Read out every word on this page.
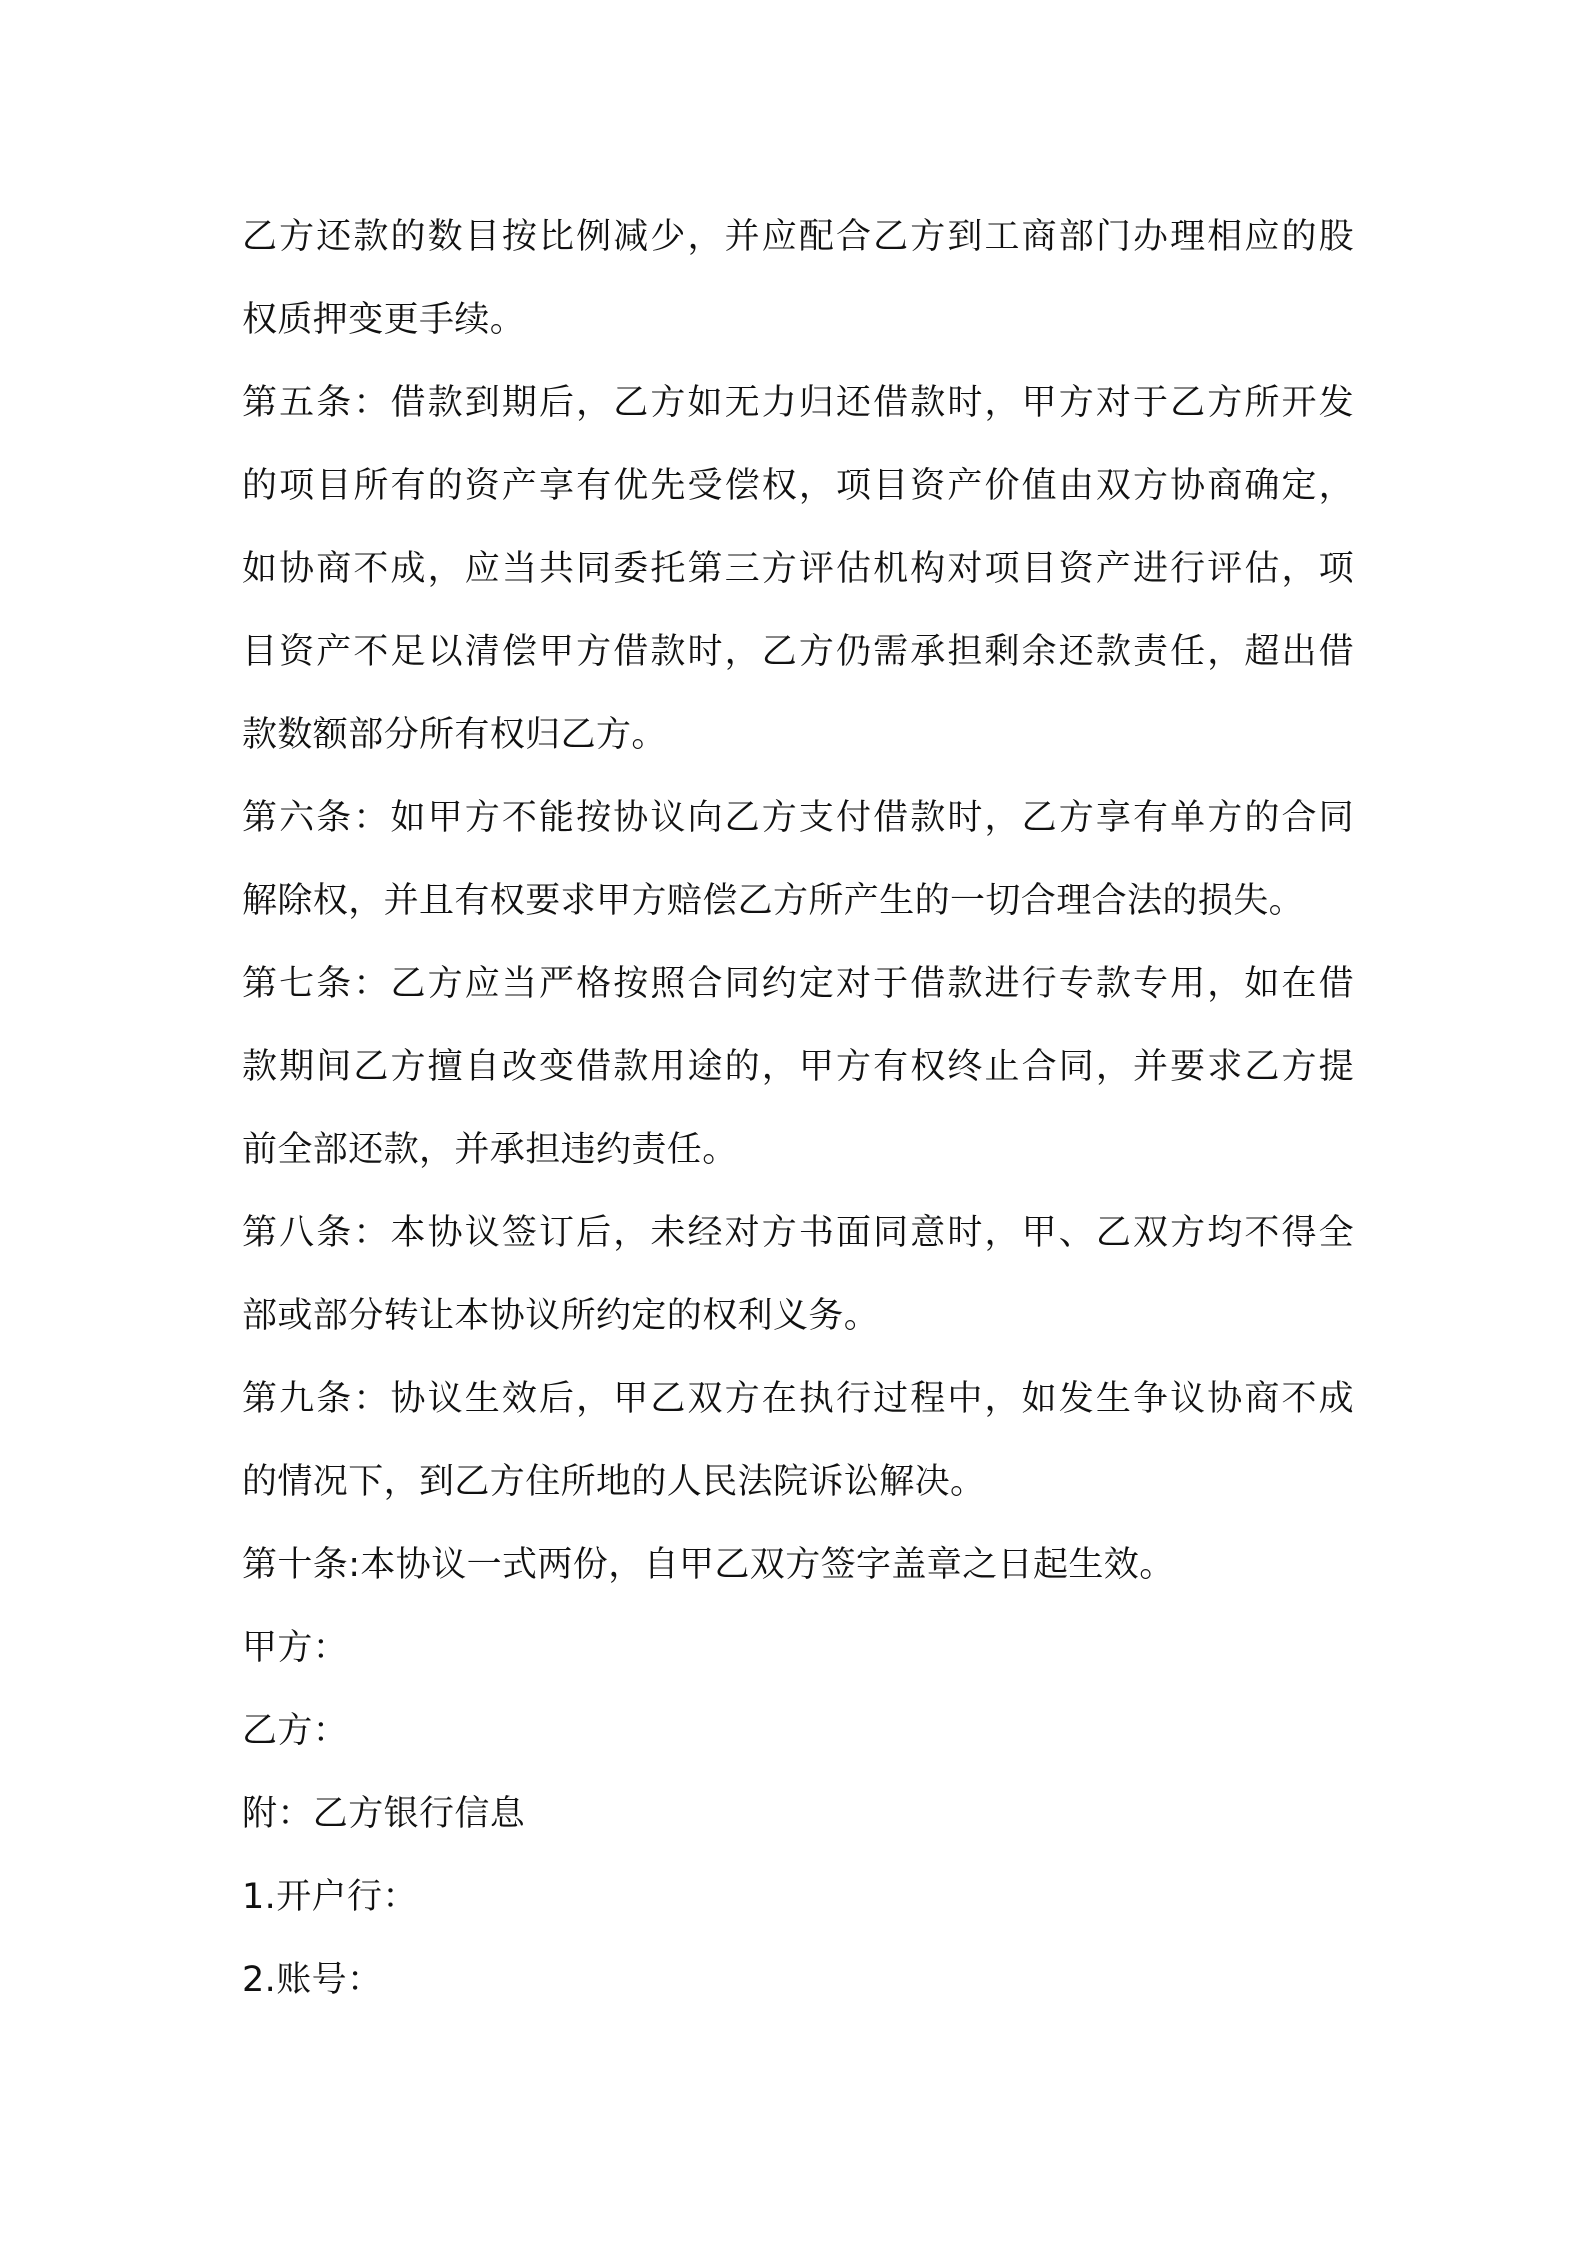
乙方还款的数目按比例减少，并应配合乙方到工商部门办理相应的股
权质押变更手续。

第五条：借款到期后，乙方如无力归还借款时，甲方对于乙方所开发
的项目所有的资产享有优先受偿权，项目资产价值由双方协商确定，
如协商不成，应当共同委托第三方评估机构对项目资产进行评估，项
目资产不足以清偿甲方借款时，乙方仍需承担剩余还款责任，超出借
款数额部分所有权归乙方。

第六条：如甲方不能按协议向乙方支付借款时，乙方享有单方的合同
解除权，并且有权要求甲方赔偿乙方所产生的一切合理合法的损失。

第七条：乙方应当严格按照合同约定对于借款进行专款专用，如在借
款期间乙方擅自改变借款用途的，甲方有权终止合同，并要求乙方提
前全部还款，并承担违约责任。

第八条：本协议签订后，未经对方书面同意时，甲、乙双方均不得全
部或部分转让本协议所约定的权利义务。

第九条：协议生效后，甲乙双方在执行过程中，如发生争议协商不成
的情况下，到乙方住所地的人民法院诉讼解决。

第十条:本协议一式两份，自甲乙双方签字盖章之日起生效。

甲方：

乙方：

附：乙方银行信息

1.开户行：

2.账号：
